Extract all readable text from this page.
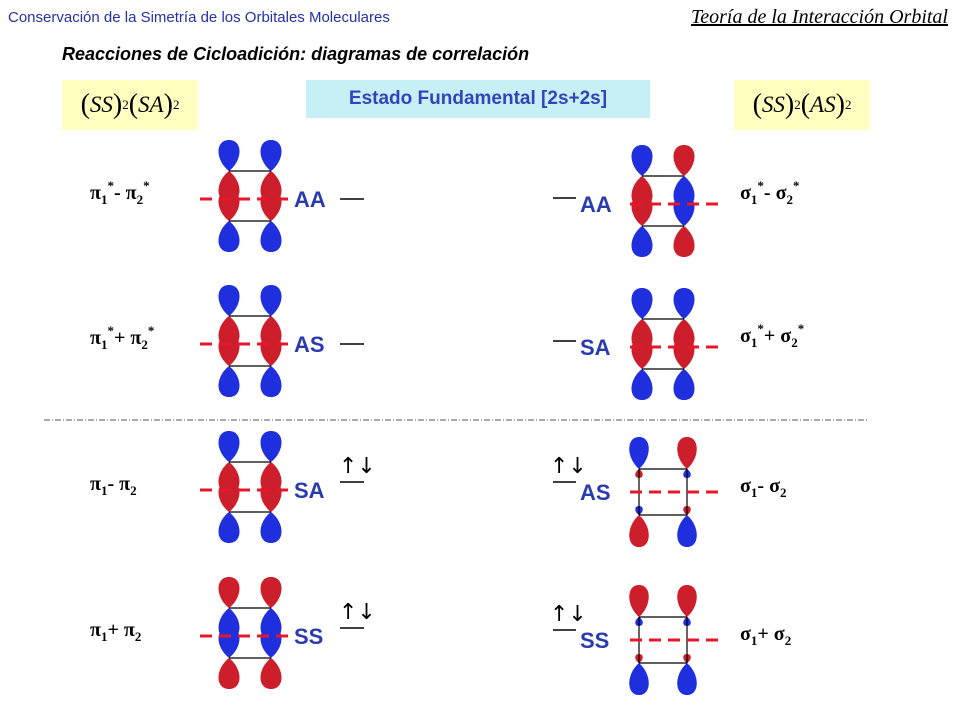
Conservación de la Simetría de los Orbitales Moleculares	Teoría de la Interacción Orbital
Reacciones de Cicloadición: diagramas de correlación
( SS ) 2 ( SA ) 2	( SS ) 2 ( AS ) 2
Estado Fundamental [2s+2s]
AA
$\pi_1^*-$ $\pi_2^*$
AS
$\pi_1^*+ \pi_2^*$
SA
↑↓
$\pi_1-$ $\pi_2$
SS
↑↓
$\pi_1+ \pi_2$
AA	$\sigma_1^*-$ $\sigma_2^*$
SA	$\sigma_1^*+ \sigma_2^*$
AS
↑↓
$\sigma_1-$ $\sigma_2$
SS
↑↓
$\sigma_1+ \sigma_2$
